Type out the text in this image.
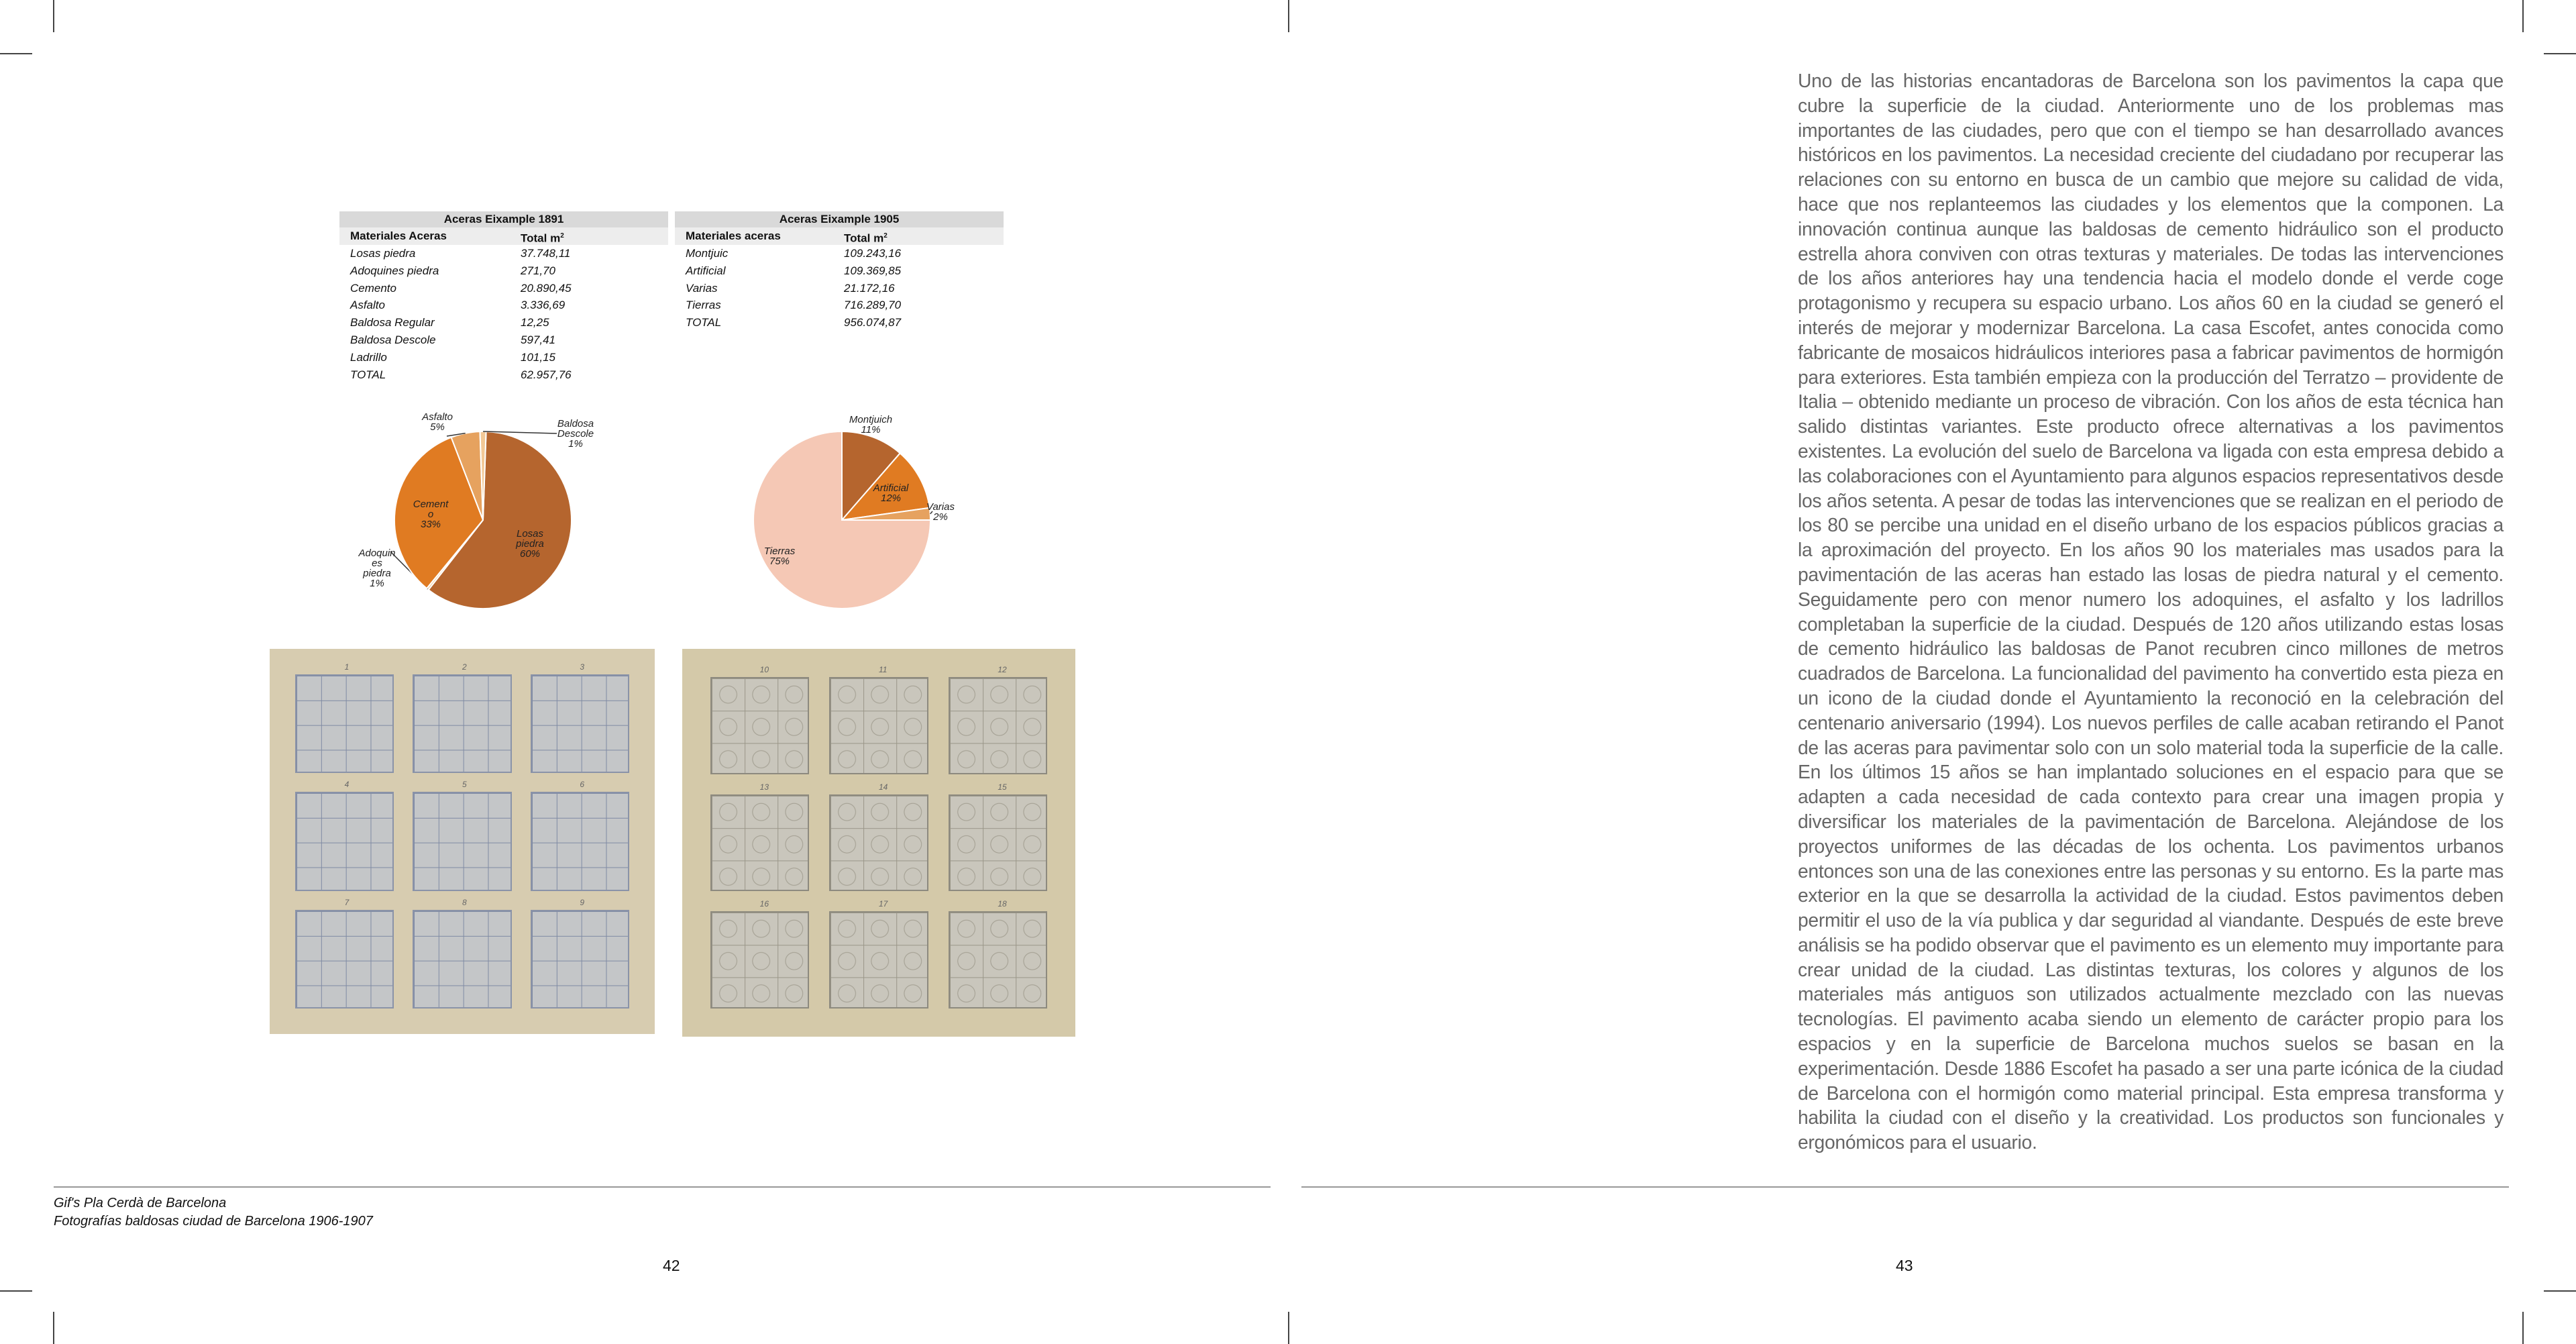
Aceras Eixample 1891
Materiales Aceras	Total $m^2$
Losas piedra	37.748,11
Adoquines piedra	271,70
Cemento	20.890,45
Asfalto	3.336,69
Baldosa Regular	12,25
Baldosa Descole	597,41
Ladrillo	101,15
TOTAL	62.957,76
Aceras Eixample 1905
Materiales aceras	Total $m^2$
Montjuic	109.243,16
Artificial	109.369,85
Varias	21.172,16
Tierras	716.289,70
TOTAL	956.074,87
Losas piedra 60%
Adoquin es piedra 1%
Cement o 33%
Asfalto 5%	Baldosa Descole 1%
Montjuich 11%
Artificial 12%
Varias 2%
Tierras 75%
1	2	3
4	5	6
7	8	9
10	11	12
13	14	15
16	17	18
Gif's Pla Cerdà de Barcelona
Fotografías baldosas ciudad de Barcelona 1906-1907
42	43

Uno de las historias encantadoras de Barcelona son los pavimentos la capa que cubre la superficie de la ciudad. Anteriormente uno de los problemas mas importantes de las ciudades, pero que con el tiempo se han desarrollado avances históricos en los pavimentos. La necesidad creciente del ciudadano por recuperar las relaciones con su entorno en busca de un cambio que mejore su calidad de vida, hace que nos replanteemos las ciudades y los elementos que la componen. La innovación continua aunque las baldosas de cemento hidráulico son el producto estrella ahora conviven con otras texturas y materiales. De todas las intervenciones de los años anteriores hay una tendencia hacia el modelo donde el verde coge protagonismo y recupera su espacio urbano. Los años 60 en la ciudad se generó el interés de mejorar y modernizar Barcelona. La casa Escofet, antes conocida como fabricante de mosaicos hidráulicos interiores pasa a fabricar pavimentos de hormigón para exteriores. Esta también empieza con la producción del Terratzo – providente de Italia – obtenido mediante un proceso de vibración. Con los años de esta técnica han salido distintas variantes. Este producto ofrece alternativas a los pavimentos existentes. La evolución del suelo de Barcelona va ligada con esta empresa debido a las colaboraciones con el Ayuntamiento para algunos espacios representativos desde los años setenta. A pesar de todas las intervenciones que se realizan en el periodo de los 80 se percibe una unidad en el diseño urbano de los espacios públicos gracias a la aproximación del proyecto. En los años 90 los materiales mas usados para la pavimentación de las aceras han estado las losas de piedra natural y el cemento. Seguidamente pero con menor numero los adoquines, el asfalto y los ladrillos completaban la superficie de la ciudad. Después de 120 años utilizando estas losas de cemento hidráulico las baldosas de Panot recubren cinco millones de metros cuadrados de Barcelona. La funcionalidad del pavimento ha convertido esta pieza en un icono de la ciudad donde el Ayuntamiento la reconoció en la celebración del centenario aniversario (1994). Los nuevos perfiles de calle acaban retirando el Panot de las aceras para pavimentar solo con un solo material toda la superficie de la calle. En los últimos 15 años se han implantado soluciones en el espacio para que se adapten a cada necesidad de cada contexto para crear una imagen propia y diversificar los materiales de la pavimentación de Barcelona. Alejándose de los proyectos uniformes de las décadas de los ochenta. Los pavimentos urbanos entonces son una de las conexiones entre las personas y su entorno. Es la parte mas exterior en la que se desarrolla la actividad de la ciudad. Estos pavimentos deben permitir el uso de la vía publica y dar seguridad al viandante. Después de este breve análisis se ha podido observar que el pavimento es un elemento muy importante para crear unidad de la ciudad. Las distintas texturas, los colores y algunos de los materiales más antiguos son utilizados actualmente mezclado con las nuevas tecnologías. El pavimento acaba siendo un elemento de carácter propio para los espacios y en la superficie de Barcelona muchos suelos se basan en la experimentación. Desde 1886 Escofet ha pasado a ser una parte icónica de la ciudad de Barcelona con el hormigón como material principal. Esta empresa transforma y habilita la ciudad con el diseño y la creatividad. Los productos son funcionales y ergonómicos para el usuario.
